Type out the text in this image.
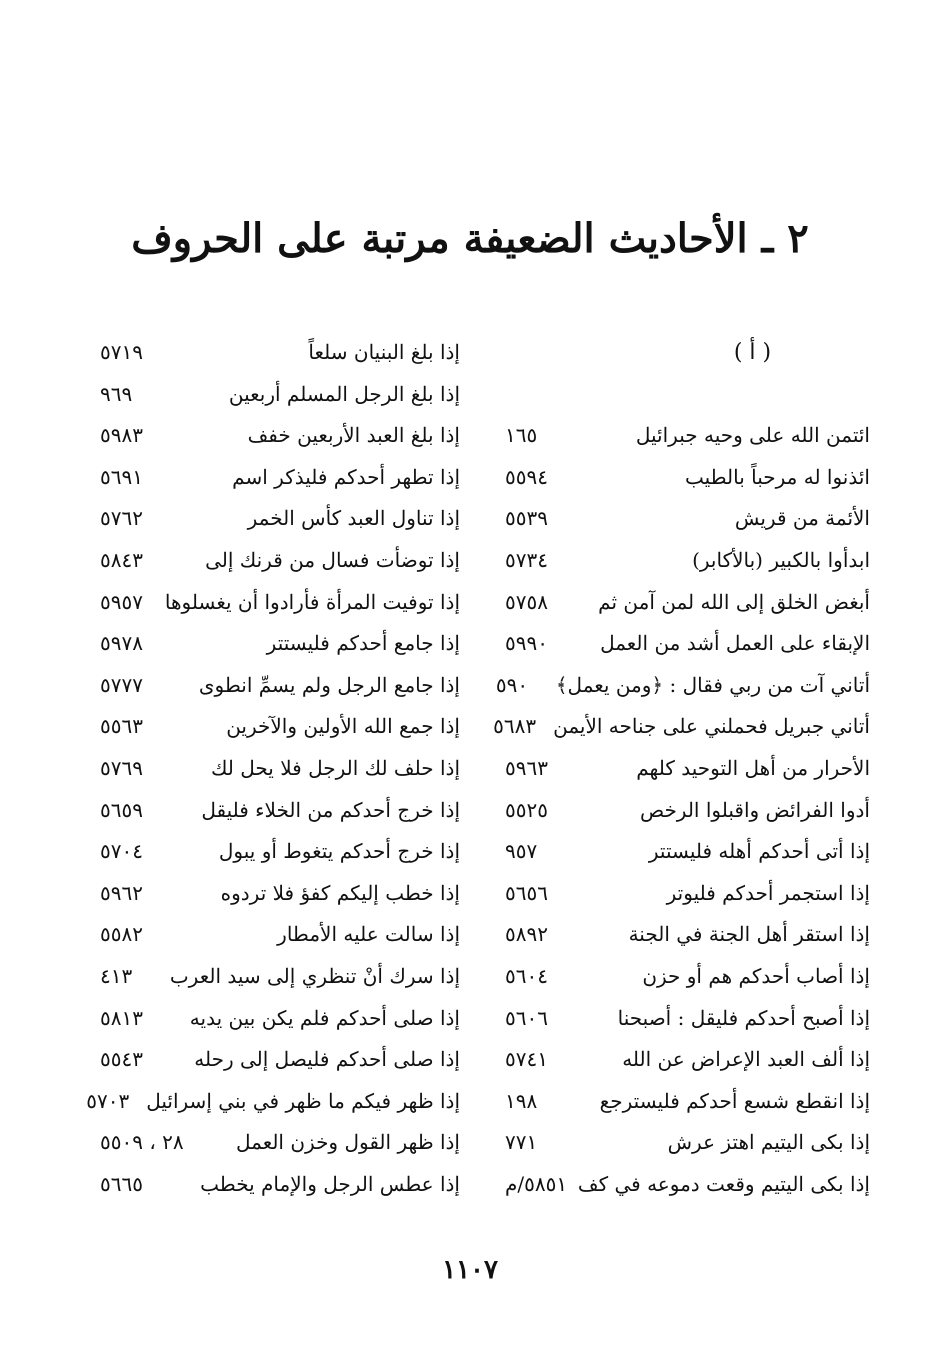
٢ ـ الأحاديث الضعيفة مرتبة على الحروف
( أ )
ائتمن الله على وحيه جبرائيل
١٦٥
ائذنوا له مرحباً بالطيب
٥٥٩٤
الأئمة من قريش
٥٥٣٩
ابدأوا بالكبير (بالأكابر)
٥٧٣٤
أبغض الخلق إلى الله لمن آمن ثم
٥٧٥٨
الإبقاء على العمل أشد من العمل
٥٩٩٠
أتاني آت من ربي فقال : ﴿ومن يعمل﴾
٥٩٠
أتاني جبريل فحملني على جناحه الأيمن
٥٦٨٣
الأحرار من أهل التوحيد كلهم
٥٩٦٣
أدوا الفرائض واقبلوا الرخص
٥٥٢٥
إذا أتى أحدكم أهله فليستتر
٩٥٧
إذا استجمر أحدكم فليوتر
٥٦٥٦
إذا استقر أهل الجنة في الجنة
٥٨٩٢
إذا أصاب أحدكم هم أو حزن
٥٦٠٤
إذا أصبح أحدكم فليقل : أصبحنا
٥٦٠٦
إذا ألف العبد الإعراض عن الله
٥٧٤١
إذا انقطع شسع أحدكم فليسترجع
١٩٨
إذا بكى اليتيم اهتز عرش
٧٧١
إذا بكى اليتيم وقعت دموعه في كف
٥٨٥١/م
إذا بلغ البنيان سلعاً
٥٧١٩
إذا بلغ الرجل المسلم أربعين
٩٦٩
إذا بلغ العبد الأربعين خفف
٥٩٨٣
إذا تطهر أحدكم فليذكر اسم
٥٦٩١
إذا تناول العبد كأس الخمر
٥٧٦٢
إذا توضأت فسال من قرنك إلى
٥٨٤٣
إذا توفيت المرأة فأرادوا أن يغسلوها
٥٩٥٧
إذا جامع أحدكم فليستتر
٥٩٧٨
إذا جامع الرجل ولم يسمِّ انطوى
٥٧٧٧
إذا جمع الله الأولين والآخرين
٥٥٦٣
إذا حلف لك الرجل فلا يحل لك
٥٧٦٩
إذا خرج أحدكم من الخلاء فليقل
٥٦٥٩
إذا خرج أحدكم يتغوط أو يبول
٥٧٠٤
إذا خطب إليكم كفؤ فلا تردوه
٥٩٦٢
إذا سالت عليه الأمطار
٥٥٨٢
إذا سرك أنْ تنظري إلى سيد العرب
٤١٣
إذا صلى أحدكم فلم يكن بين يديه
٥٨١٣
إذا صلى أحدكم فليصل إلى رحله
٥٥٤٣
إذا ظهر فيكم ما ظهر في بني إسرائيل
٥٧٠٣
إذا ظهر القول وخزن العمل
٢٨ ، ٥٥٠٩
إذا عطس الرجل والإمام يخطب
٥٦٦٥
١١٠٧
